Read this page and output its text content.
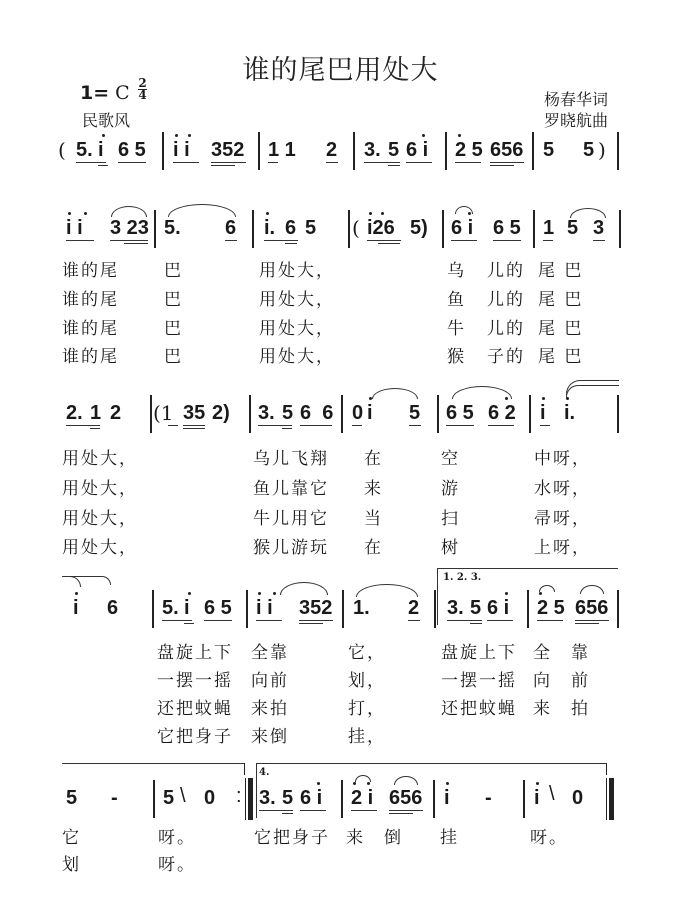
谁的尾巴用处大
1= C 2
4
民歌风
杨春华词
罗晓航曲
( 5. i 6 5 i i 352 1 1 2 3. 5 6 i 2 5 656 5 5 )
i i 3 23 5. 6 i. 6 5 ( i26 5) 6 i 6 5 1 5 3
谁的尾	巴	用处大，	乌 儿的 尾 巴
谁的尾	巴	用处大，	鱼 儿的 尾 巴
谁的尾	巴	用处大，	牛 儿的 尾 巴
谁的尾	巴	用处大，	猴 子的 尾 巴
2. 1 2 (1 35 2) 3. 5 6  6 0 i 5 6 5 6 2 i i.
用处大，	乌儿飞翔 在	空	中呀，
用处大，	鱼儿靠它 来	游	水呀，
用处大，	牛儿用它 当	扫	帚呀，
用处大，	猴儿游玩 在	树	上呀，
i 6 5. i 6 5 i i 352 1. 2
1. 2. 3.
3. 5 6 i 2 5 656
盘旋上下 全靠	它，	盘旋上下 全 靠
一摆一摇 向前	划，	一摆一摇 向 前
还把蚊蝇 来拍	打，	还把蚊蝇 来 拍
它把身子 来倒	挂，
5 - 5 \ 0 :
4.
3. 5 6 i 2 i 656 i - i \ 0
它	呀。	它把身子 来 倒 挂	呀。
划	呀。
